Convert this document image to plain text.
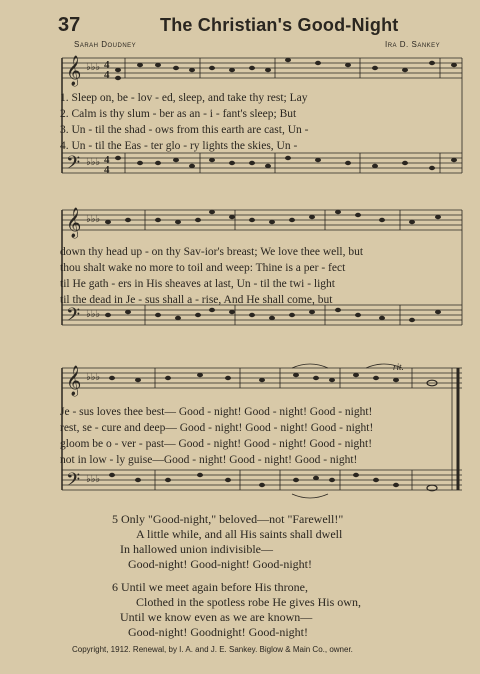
37	The Christian's Good-Night
Sarah Doudney	Ira D. Sankey
𝄞
𝄢
♭♭♭
♭♭♭
4
4
4
4
1. Sleep on, be - lov - ed, sleep, and take thy rest; Lay
2. Calm is thy slum - ber as an - i - fant's sleep; But
3. Un - til the shad - ows from this earth are cast, Un -
4. Un - til the Eas - ter glo - ry lights the skies, Un -
𝄞
𝄢
♭♭♭
♭♭♭
down thy head up - on thy Sav-ior's breast; We love thee well, but
thou shalt wake no more to toil and weep: Thine is a per - fect
til He gath - ers in His sheaves at last, Un - til the twi - light
til the dead in Je - sus shall a - rise, And He shall come, but
rit.
𝄞
𝄢
♭♭♭
♭♭♭
Je - sus loves thee best— Good - night! Good - night! Good - night!
rest, se - cure and deep— Good - night! Good - night! Good - night!
gloom be o - ver - past— Good - night! Good - night! Good - night!
not in low - ly guise—Good - night! Good - night! Good - night!
5 Only "Good-night," beloved—not "Farewell!"
A little while, and all His saints shall dwell
In hallowed union indivisible—
Good-night! Good-night! Good-night!
6 Until we meet again before His throne,
Clothed in the spotless robe He gives His own,
Until we know even as we are known—
Good-night! Goodnight! Good-night!
Copyright, 1912. Renewal, by I. A. and J. E. Sankey. Biglow & Main Co., owner.
